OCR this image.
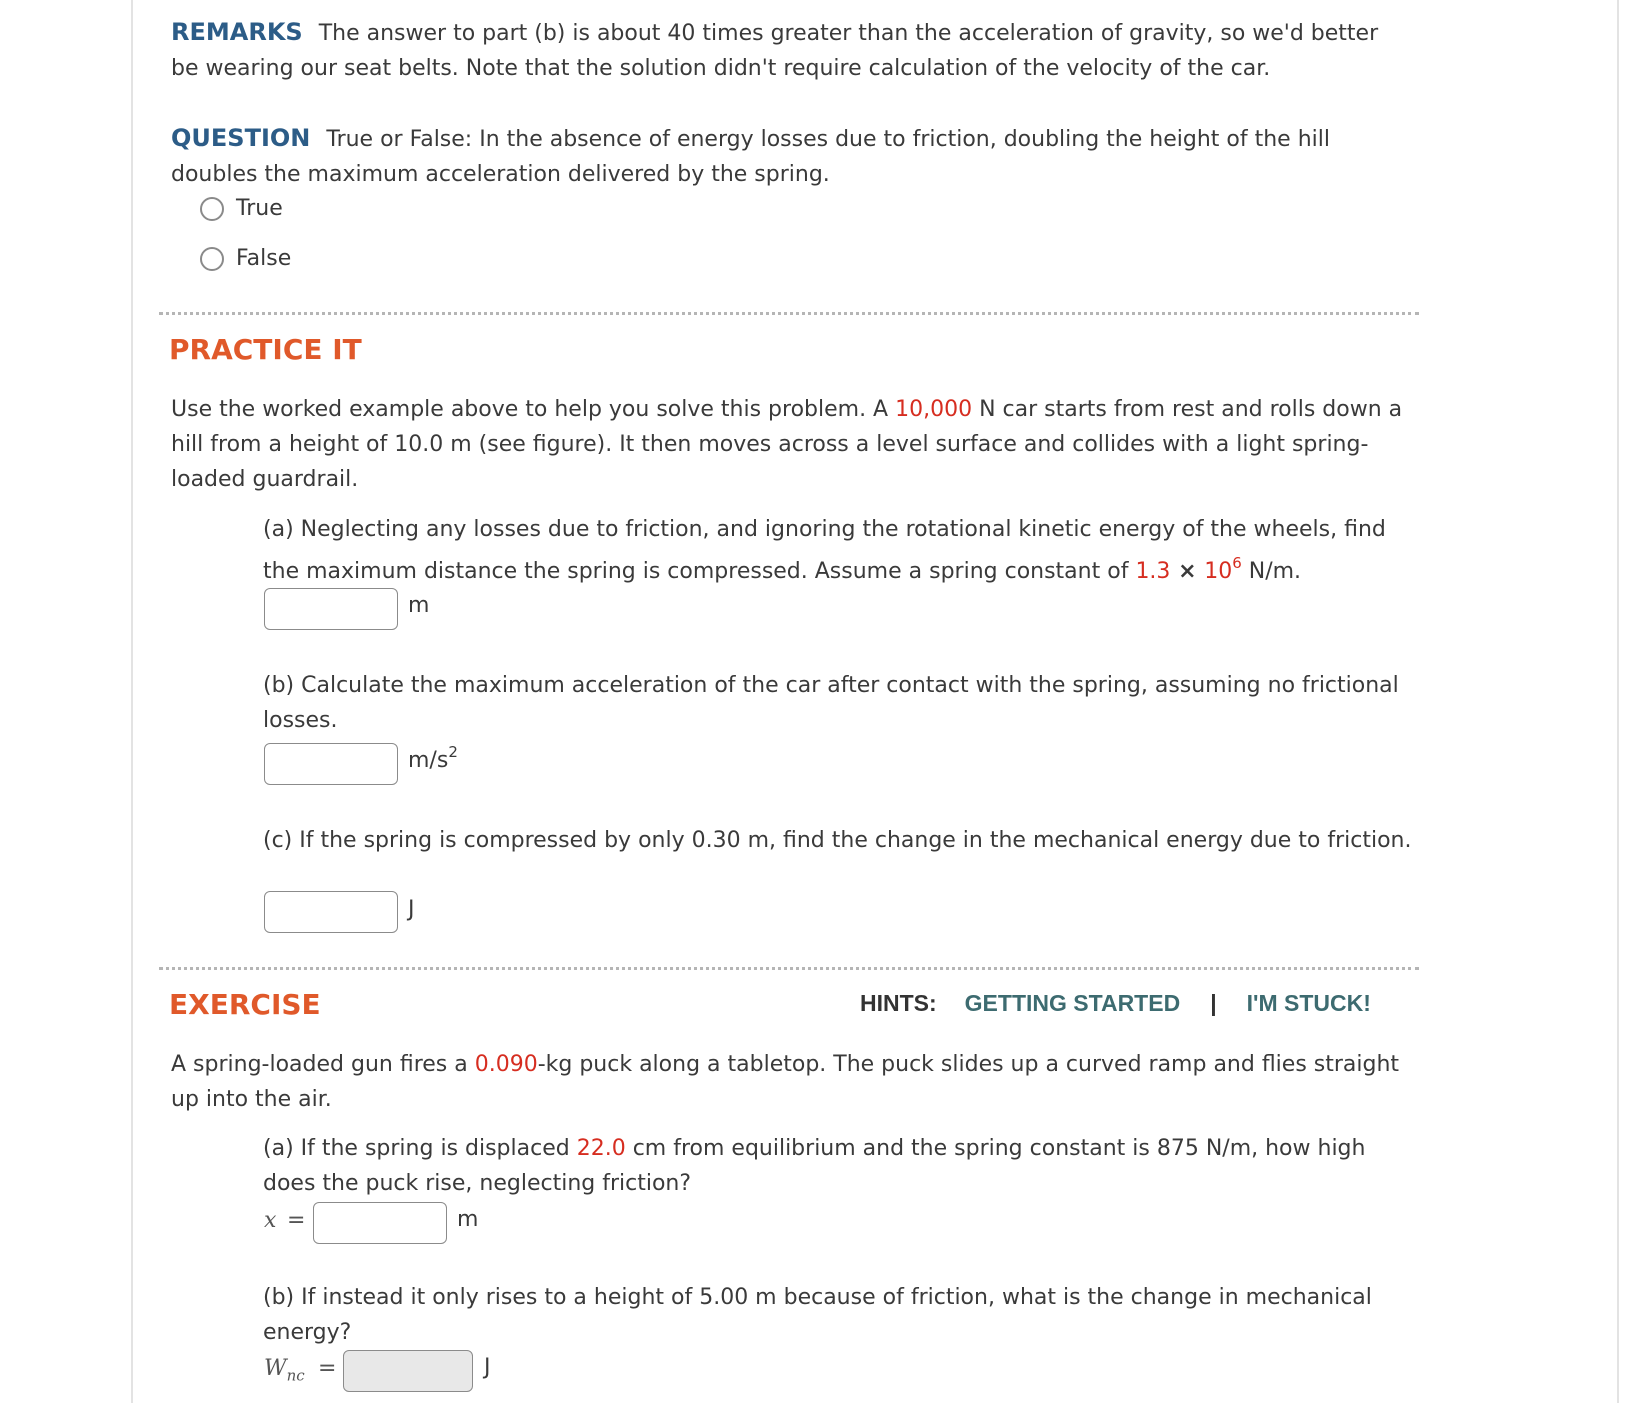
REMARKS The answer to part (b) is about 40 times greater than the acceleration of gravity, so we'd better be wearing our seat belts. Note that the solution didn't require calculation of the velocity of the car.

QUESTION True or False: In the absence of energy losses due to friction, doubling the height of the hill doubles the maximum acceleration delivered by the spring.

True
False
PRACTICE IT

Use the worked example above to help you solve this problem. A 10,000 N car starts from rest and rolls down a hill from a height of 10.0 m (see figure). It then moves across a level surface and collides with a light spring-loaded guardrail.

(a) Neglecting any losses due to friction, and ignoring the rotational kinetic energy of the wheels, find the maximum distance the spring is compressed. Assume a spring constant of $1.3 \times 10^6$ N/m.

m

(b) Calculate the maximum acceleration of the car after contact with the spring, assuming no frictional losses.

$m/s^2$

(c) If the spring is compressed by only 0.30 m, find the change in the mechanical energy due to friction.

J
EXERCISE	HINTS: GETTING STARTED | I'M STUCK!

A spring-loaded gun fires a 0.090-kg puck along a tabletop. The puck slides up a curved ramp and flies straight up into the air.

(a) If the spring is displaced 22.0 cm from equilibrium and the spring constant is 875 N/m, how high does the puck rise, neglecting friction?

x =	m

(b) If instead it only rises to a height of 5.00 m because of friction, what is the change in mechanical energy?

$W_{nc}$ =	J
